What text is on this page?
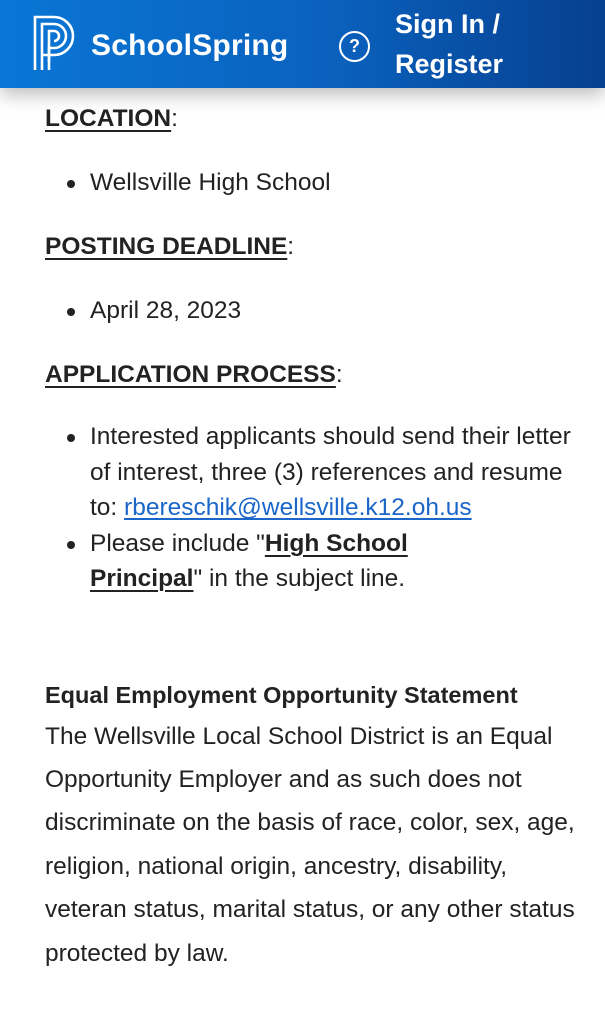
SchoolSpring	?
Sign In /
Register
LOCATION:
Wellsville High School
POSTING DEADLINE:
April 28, 2023
APPLICATION PROCESS:
Interested applicants should send their letter of interest, three (3) references and resume
to: rbereschik@wellsville.k12.oh.us
Please include "High School
Principal" in the subject line.
Equal Employment Opportunity Statement
The Wellsville Local School District is an Equal Opportunity Employer and as such does not discriminate on the basis of race, color, sex, age, religion, national origin, ancestry, disability, veteran status, marital status, or any other status protected by law.
